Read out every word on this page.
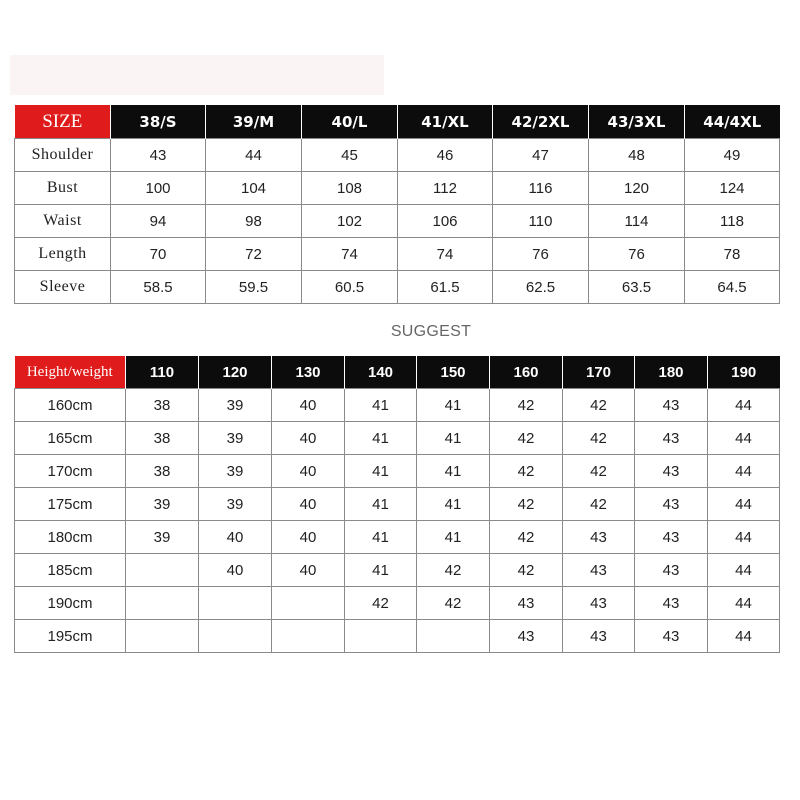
SIZE	38/S	39/M	40/L	41/XL	42/2XL	43/3XL	44/4XL
Shoulder	43	44	45	46	47	48	49
Bust	100	104	108	112	116	120	124
Waist	94	98	102	106	110	114	118
Length	70	72	74	74	76	76	78
Sleeve	58.5	59.5	60.5	61.5	62.5	63.5	64.5
SUGGEST
Height/weight	110	120	130	140	150	160	170	180	190
160cm	38	39	40	41	41	42	42	43	44
165cm	38	39	40	41	41	42	42	43	44
170cm	38	39	40	41	41	42	42	43	44
175cm	39	39	40	41	41	42	42	43	44
180cm	39	40	40	41	41	42	43	43	44
185cm		40	40	41	42	42	43	43	44
190cm				42	42	43	43	43	44
195cm						43	43	43	44
